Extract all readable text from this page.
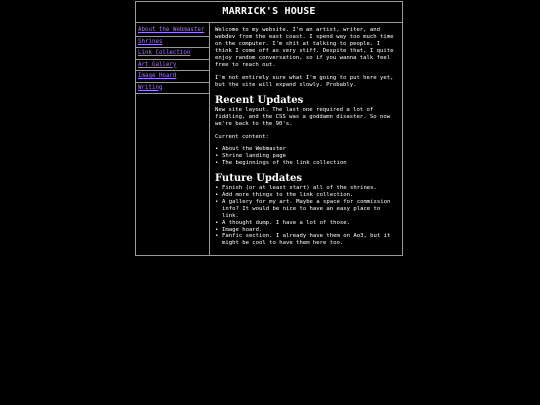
MARRICK'S HOUSE
About the Webmaster
Shrines
Link Collection
Art Gallery
Image Hoard
Writing

Welcome to my website. I'm an artist, writer, and webdev from the east coast. I spend way too much time on the computer. I'm shit at talking to people. I think I come off as very stiff. Despite that, I quite enjoy random conversation, so if you wanna talk feel free to reach out.

I'm not entirely sure what I'm going to put here yet, but the site will expand slowly. Probably.

Recent Updates

New site layout. The last one required a lot of fiddling, and the CSS was a goddamn disaster. So now we're back to the 90's.

Current content:

• About the Webmaster
• Shrine landing page
• The beginnings of the link collection
Future Updates
• Finish (or at least start) all of the shrines.
• Add more things to the link collection.
• A gallery for my art. Maybe a space for commission info? It would be nice to have an easy place to link.
• A thought dump. I have a lot of those.
• Image hoard.
• Fanfic section. I already have them on Ao3, but it might be cool to have them here too.
